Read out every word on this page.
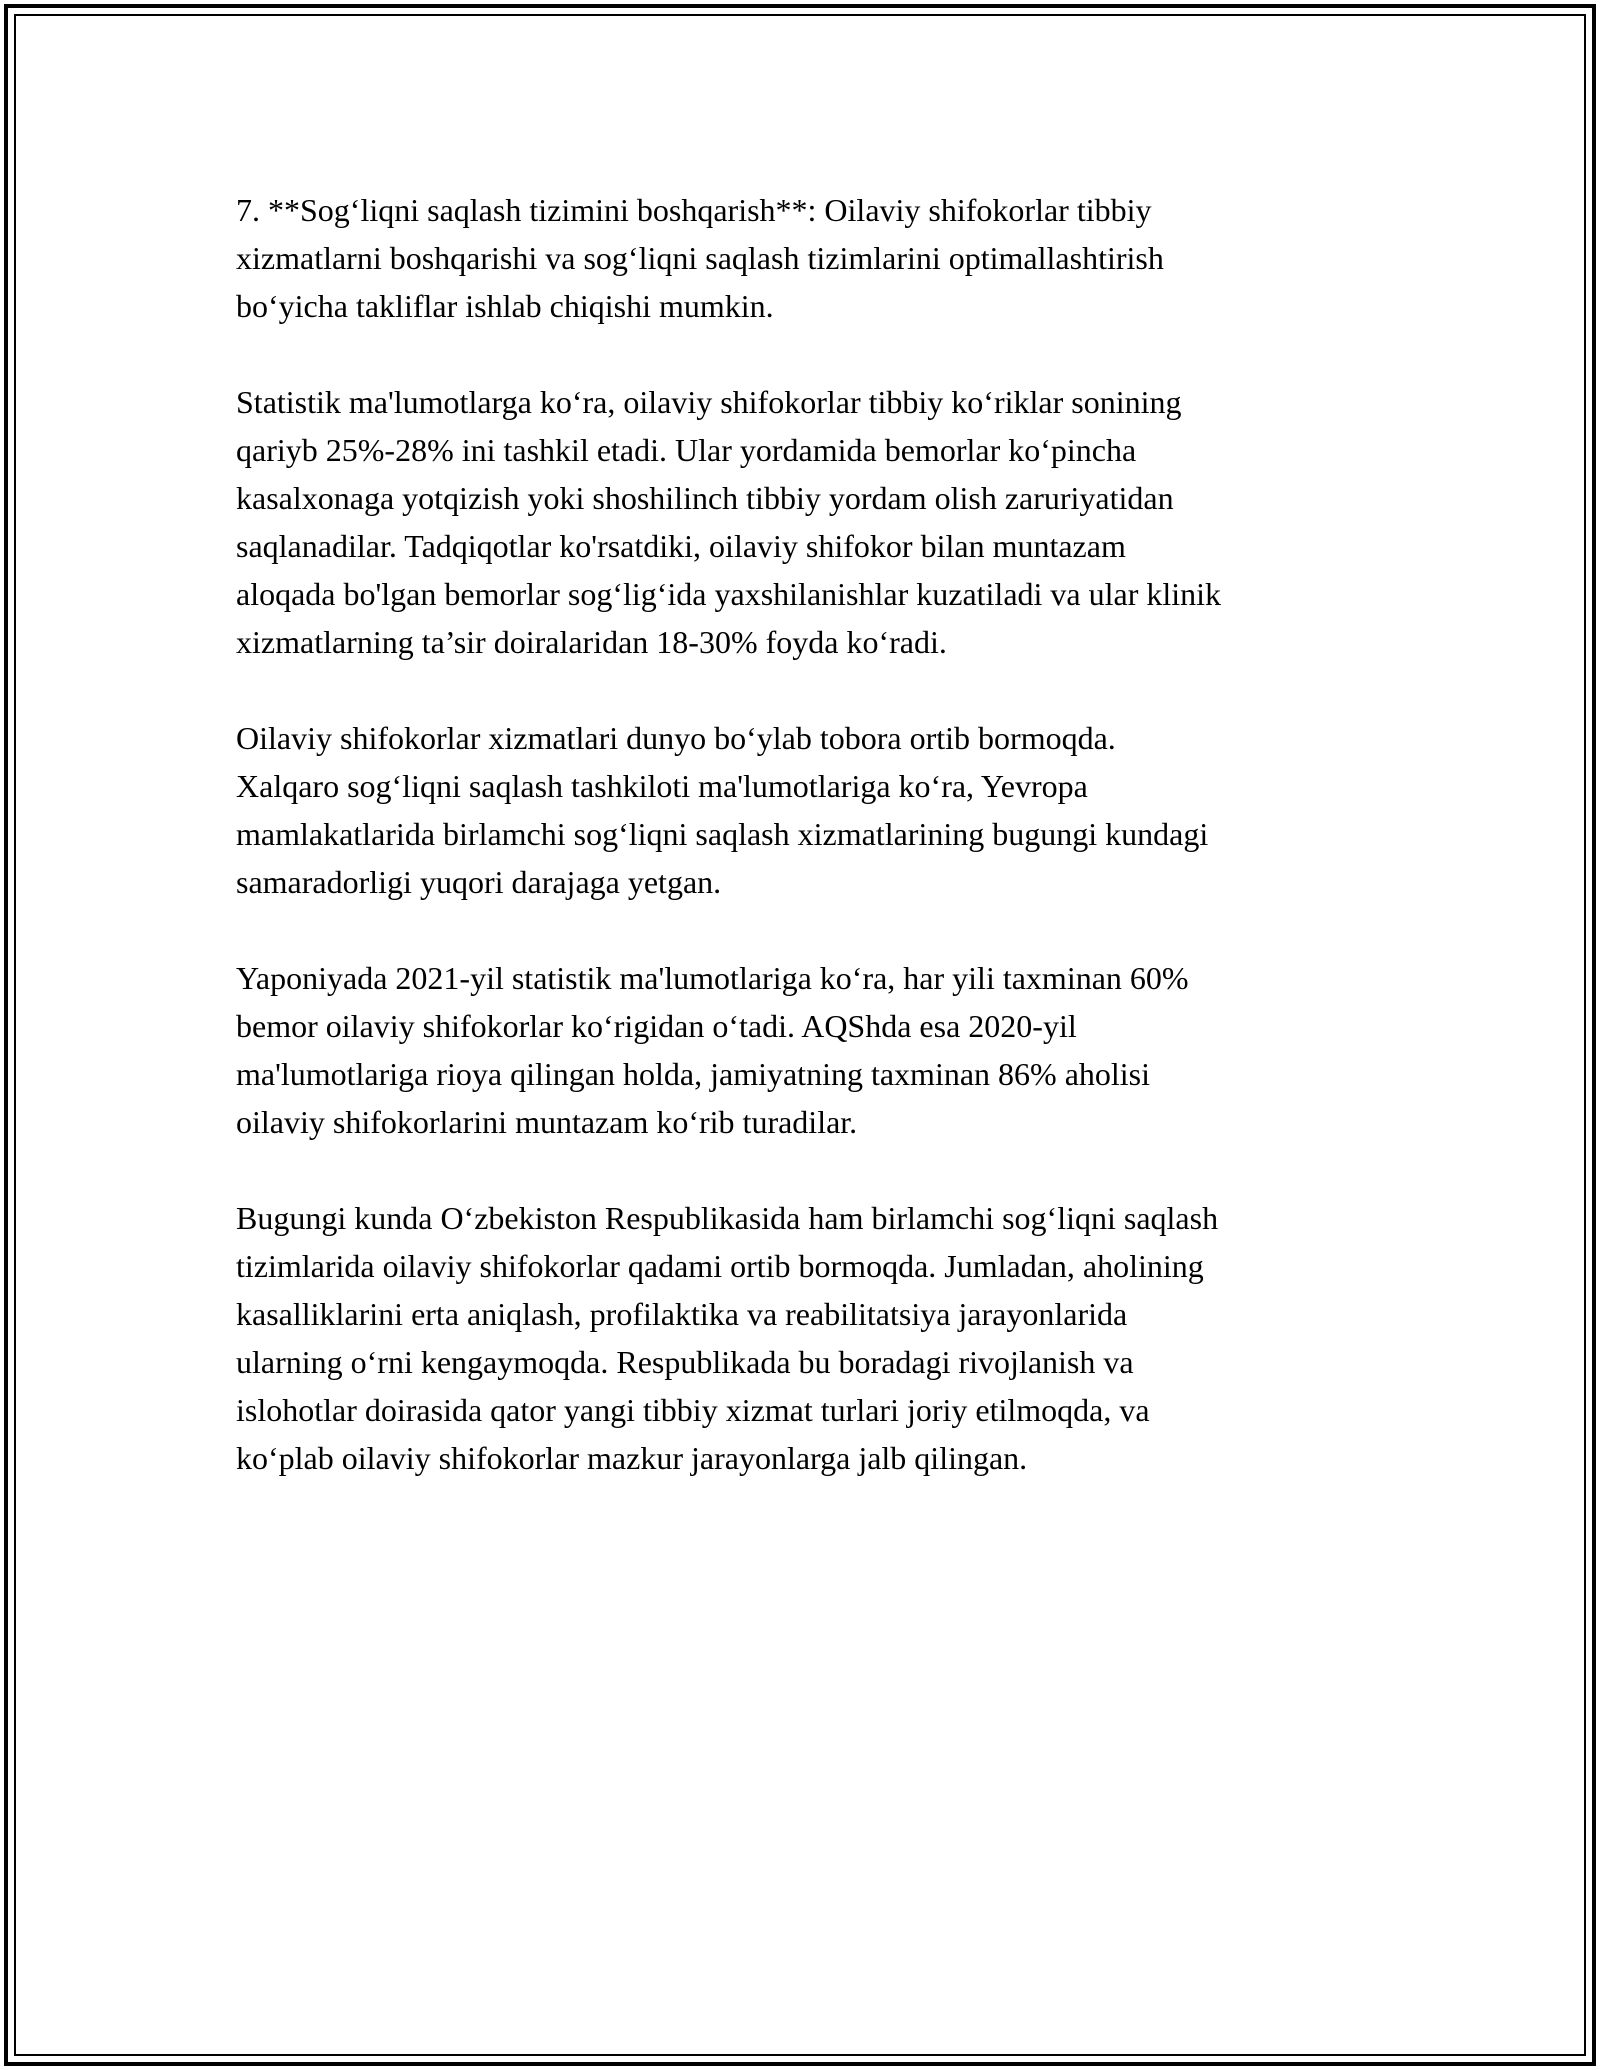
7. **Sog‘liqni saqlash tizimini boshqarish**: Oilaviy shifokorlar tibbiy
xizmatlarni boshqarishi va sog‘liqni saqlash tizimlarini optimallashtirish
bo‘yicha takliflar ishlab chiqishi mumkin.

Statistik ma'lumotlarga ko‘ra, oilaviy shifokorlar tibbiy ko‘riklar sonining
qariyb 25%-28% ini tashkil etadi. Ular yordamida bemorlar ko‘pincha
kasalxonaga yotqizish yoki shoshilinch tibbiy yordam olish zaruriyatidan
saqlanadilar. Tadqiqotlar ko'rsatdiki, oilaviy shifokor bilan muntazam
aloqada bo'lgan bemorlar sog‘lig‘ida yaxshilanishlar kuzatiladi va ular klinik
xizmatlarning ta’sir doiralaridan 18-30% foyda ko‘radi.

Oilaviy shifokorlar xizmatlari dunyo bo‘ylab tobora ortib bormoqda.
Xalqaro sog‘liqni saqlash tashkiloti ma'lumotlariga ko‘ra, Yevropa
mamlakatlarida birlamchi sog‘liqni saqlash xizmatlarining bugungi kundagi
samaradorligi yuqori darajaga yetgan.

Yaponiyada 2021-yil statistik ma'lumotlariga ko‘ra, har yili taxminan 60%
bemor oilaviy shifokorlar ko‘rigidan o‘tadi. AQShda esa 2020-yil
ma'lumotlariga rioya qilingan holda, jamiyatning taxminan 86% aholisi
oilaviy shifokorlarini muntazam ko‘rib turadilar.

Bugungi kunda O‘zbekiston Respublikasida ham birlamchi sog‘liqni saqlash
tizimlarida oilaviy shifokorlar qadami ortib bormoqda. Jumladan, aholining
kasalliklarini erta aniqlash, profilaktika va reabilitatsiya jarayonlarida
ularning o‘rni kengaymoqda. Respublikada bu boradagi rivojlanish va
islohotlar doirasida qator yangi tibbiy xizmat turlari joriy etilmoqda, va
ko‘plab oilaviy shifokorlar mazkur jarayonlarga jalb qilingan.
